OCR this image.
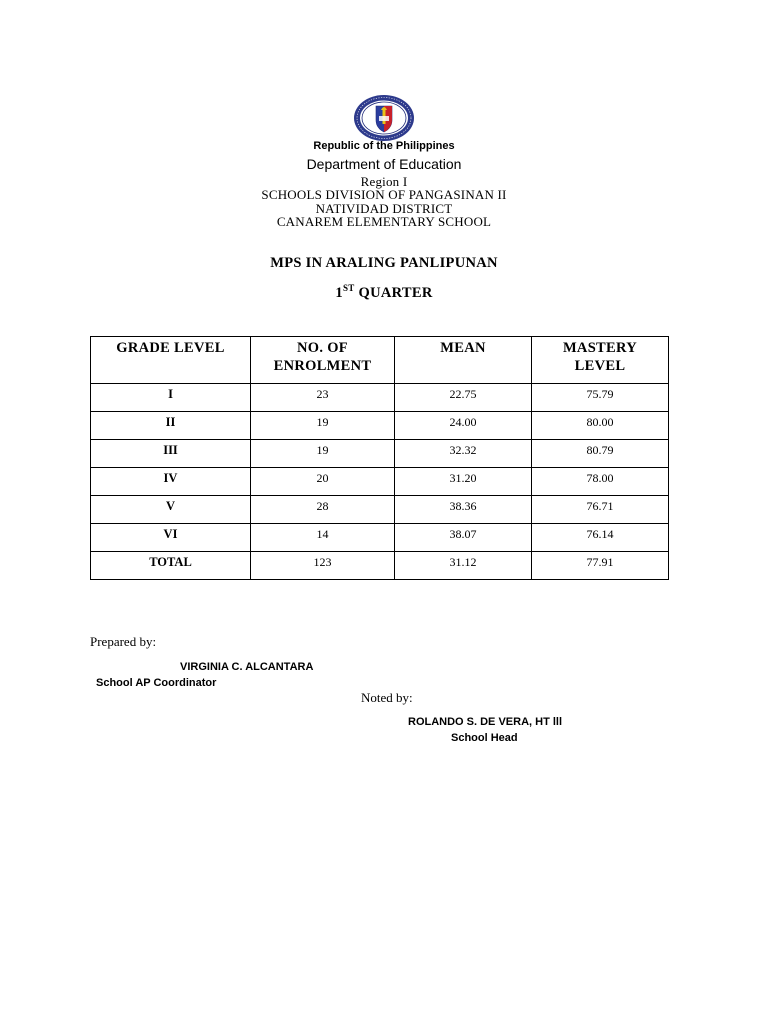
Republic of the Philippines
Department of Education
Region I
SCHOOLS DIVISION OF PANGASINAN II
NATIVIDAD DISTRICT
CANAREM ELEMENTARY SCHOOL
MPS IN ARALING PANLIPUNAN
1ST QUARTER
GRADE LEVEL	NO. OF ENROLMENT	MEAN	MASTERY LEVEL
I	23	22.75	75.79
II	19	24.00	80.00
III	19	32.32	80.79
IV	20	31.20	78.00
V	28	38.36	76.71
VI	14	38.07	76.14
TOTAL	123	31.12	77.91
Prepared by:
VIRGINIA C. ALCANTARA
School AP Coordinator
Noted by:
ROLANDO S. DE VERA, HT lll
School Head
